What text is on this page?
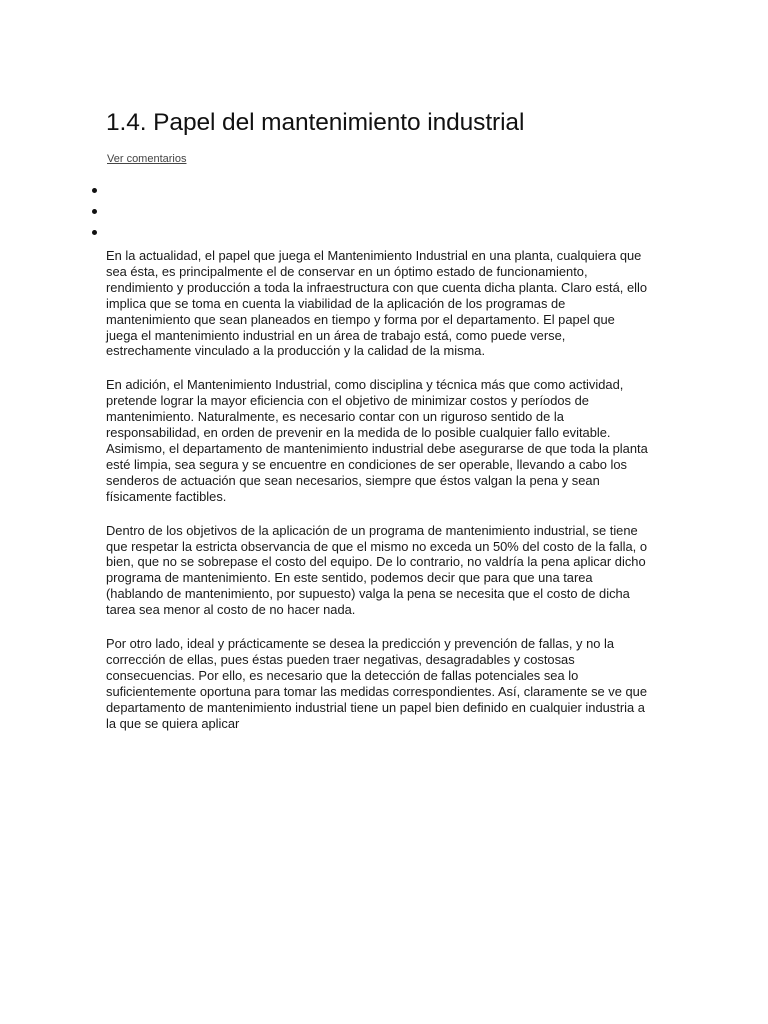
1.4. Papel del mantenimiento industrial
Ver comentarios

En la actualidad, el papel que juega el Mantenimiento Industrial en una planta, cualquiera que
sea ésta, es principalmente el de conservar en un óptimo estado de funcionamiento,
rendimiento y producción a toda la infraestructura con que cuenta dicha planta. Claro está, ello
implica que se toma en cuenta la viabilidad de la aplicación de los programas de
mantenimiento que sean planeados en tiempo y forma por el departamento. El papel que
juega el mantenimiento industrial en un área de trabajo está, como puede verse,
estrechamente vinculado a la producción y la calidad de la misma.

En adición, el Mantenimiento Industrial, como disciplina y técnica más que como actividad,
pretende lograr la mayor eficiencia con el objetivo de minimizar costos y períodos de
mantenimiento. Naturalmente, es necesario contar con un riguroso sentido de la
responsabilidad, en orden de prevenir en la medida de lo posible cualquier fallo evitable.
Asimismo, el departamento de mantenimiento industrial debe asegurarse de que toda la planta
esté limpia, sea segura y se encuentre en condiciones de ser operable, llevando a cabo los
senderos de actuación que sean necesarios, siempre que éstos valgan la pena y sean
físicamente factibles.

Dentro de los objetivos de la aplicación de un programa de mantenimiento industrial, se tiene
que respetar la estricta observancia de que el mismo no exceda un 50% del costo de la falla, o
bien, que no se sobrepase el costo del equipo. De lo contrario, no valdría la pena aplicar dicho
programa de mantenimiento. En este sentido, podemos decir que para que una tarea
(hablando de mantenimiento, por supuesto) valga la pena se necesita que el costo de dicha
tarea sea menor al costo de no hacer nada.

Por otro lado, ideal y prácticamente se desea la predicción y prevención de fallas, y no la
corrección de ellas, pues éstas pueden traer negativas, desagradables y costosas
consecuencias. Por ello, es necesario que la detección de fallas potenciales sea lo
suficientemente oportuna para tomar las medidas correspondientes. Así, claramente se ve que
departamento de mantenimiento industrial tiene un papel bien definido en cualquier industria a
la que se quiera aplicar
